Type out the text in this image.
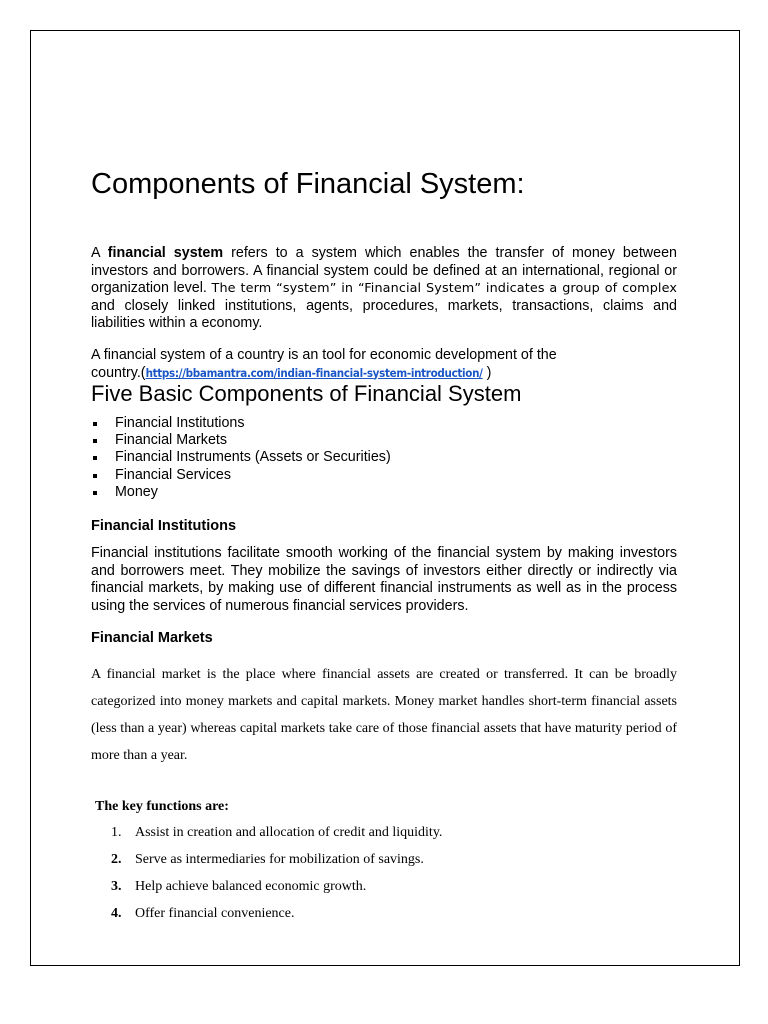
Components of Financial System:

A financial system refers to a system which enables the transfer of money between investors and borrowers. A financial system could be defined at an international, regional or organization level. The term “system” in “Financial System” indicates a group of complex and closely linked institutions, agents, procedures, markets, transactions, claims and liabilities within a economy.

A financial system of a country is an tool for economic development of the
country.(https://bbamantra.com/indian-financial-system-introduction/ )

Five Basic Components of Financial System
Financial Institutions
Financial Markets
Financial Instruments (Assets or Securities)
Financial Services
Money
Financial Institutions

Financial institutions facilitate smooth working of the financial system by making investors and borrowers meet. They mobilize the savings of investors either directly or indirectly via financial markets, by making use of different financial instruments as well as in the process using the services of numerous financial services providers.

Financial Markets

A financial market is the place where financial assets are created or transferred. It can be broadly categorized into money markets and capital markets. Money market handles short-term financial assets (less than a year) whereas capital markets take care of those financial assets that have maturity period of more than a year.

The key functions are:

1. Assist in creation and allocation of credit and liquidity.
2. Serve as intermediaries for mobilization of savings.
3. Help achieve balanced economic growth.
4. Offer financial convenience.
